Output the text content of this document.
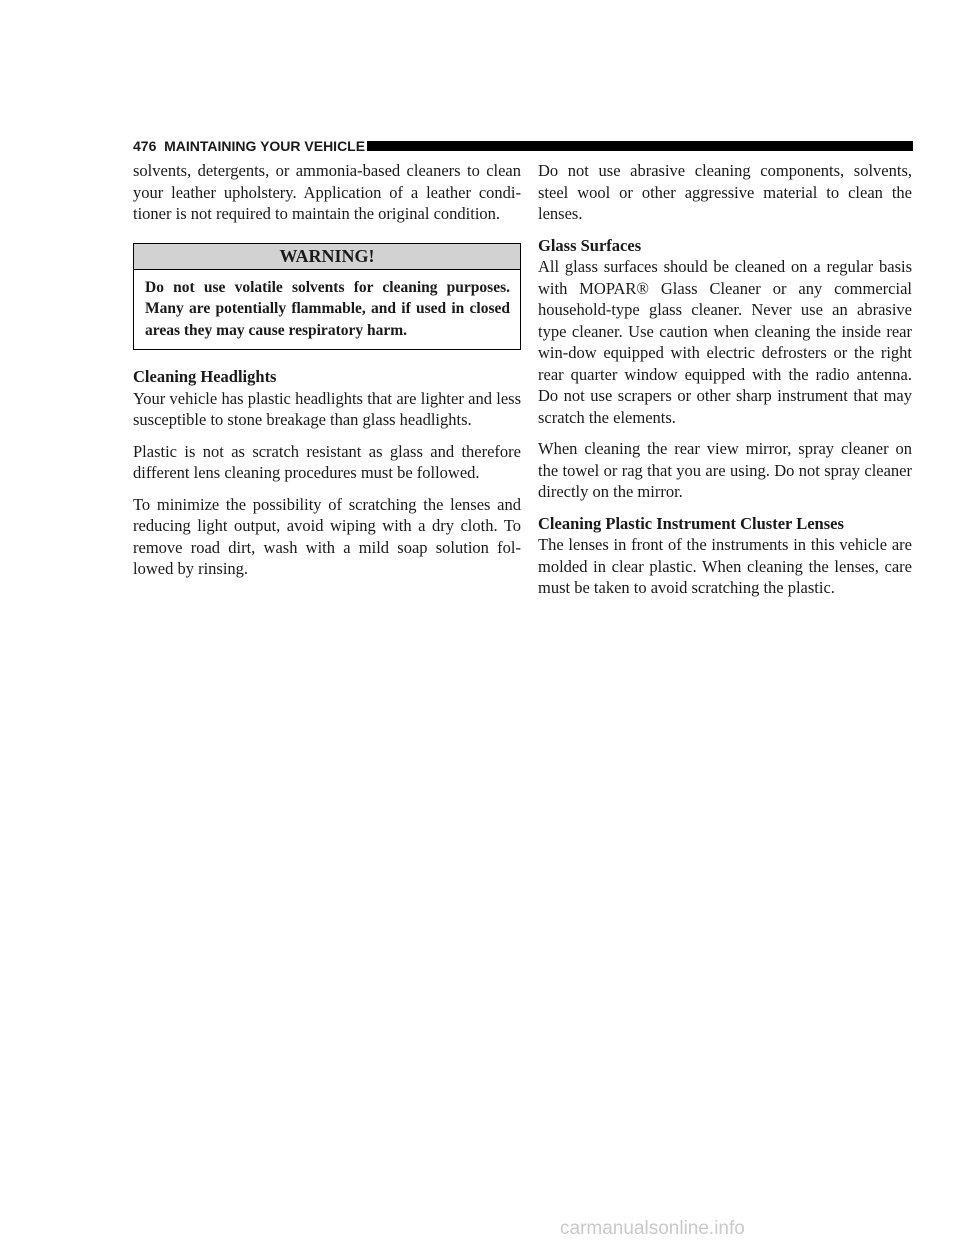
476 MAINTAINING YOUR VEHICLE

solvents, detergents, or ammonia-based cleaners to clean your leather upholstery. Application of a leather condi-tioner is not required to maintain the original condition.

WARNING!

Do not use volatile solvents for cleaning purposes. Many are potentially flammable, and if used in closed areas they may cause respiratory harm.

Cleaning Headlights

Your vehicle has plastic headlights that are lighter and less susceptible to stone breakage than glass headlights.

Plastic is not as scratch resistant as glass and therefore different lens cleaning procedures must be followed.

To minimize the possibility of scratching the lenses and reducing light output, avoid wiping with a dry cloth. To remove road dirt, wash with a mild soap solution fol-lowed by rinsing.

Do not use abrasive cleaning components, solvents, steel wool or other aggressive material to clean the lenses.

Glass Surfaces

All glass surfaces should be cleaned on a regular basis with MOPAR® Glass Cleaner or any commercial household-type glass cleaner. Never use an abrasive type cleaner. Use caution when cleaning the inside rear win-dow equipped with electric defrosters or the right rear quarter window equipped with the radio antenna. Do not use scrapers or other sharp instrument that may scratch the elements.

When cleaning the rear view mirror, spray cleaner on the towel or rag that you are using. Do not spray cleaner directly on the mirror.

Cleaning Plastic Instrument Cluster Lenses

The lenses in front of the instruments in this vehicle are molded in clear plastic. When cleaning the lenses, care must be taken to avoid scratching the plastic.

carmanualsonline.info
